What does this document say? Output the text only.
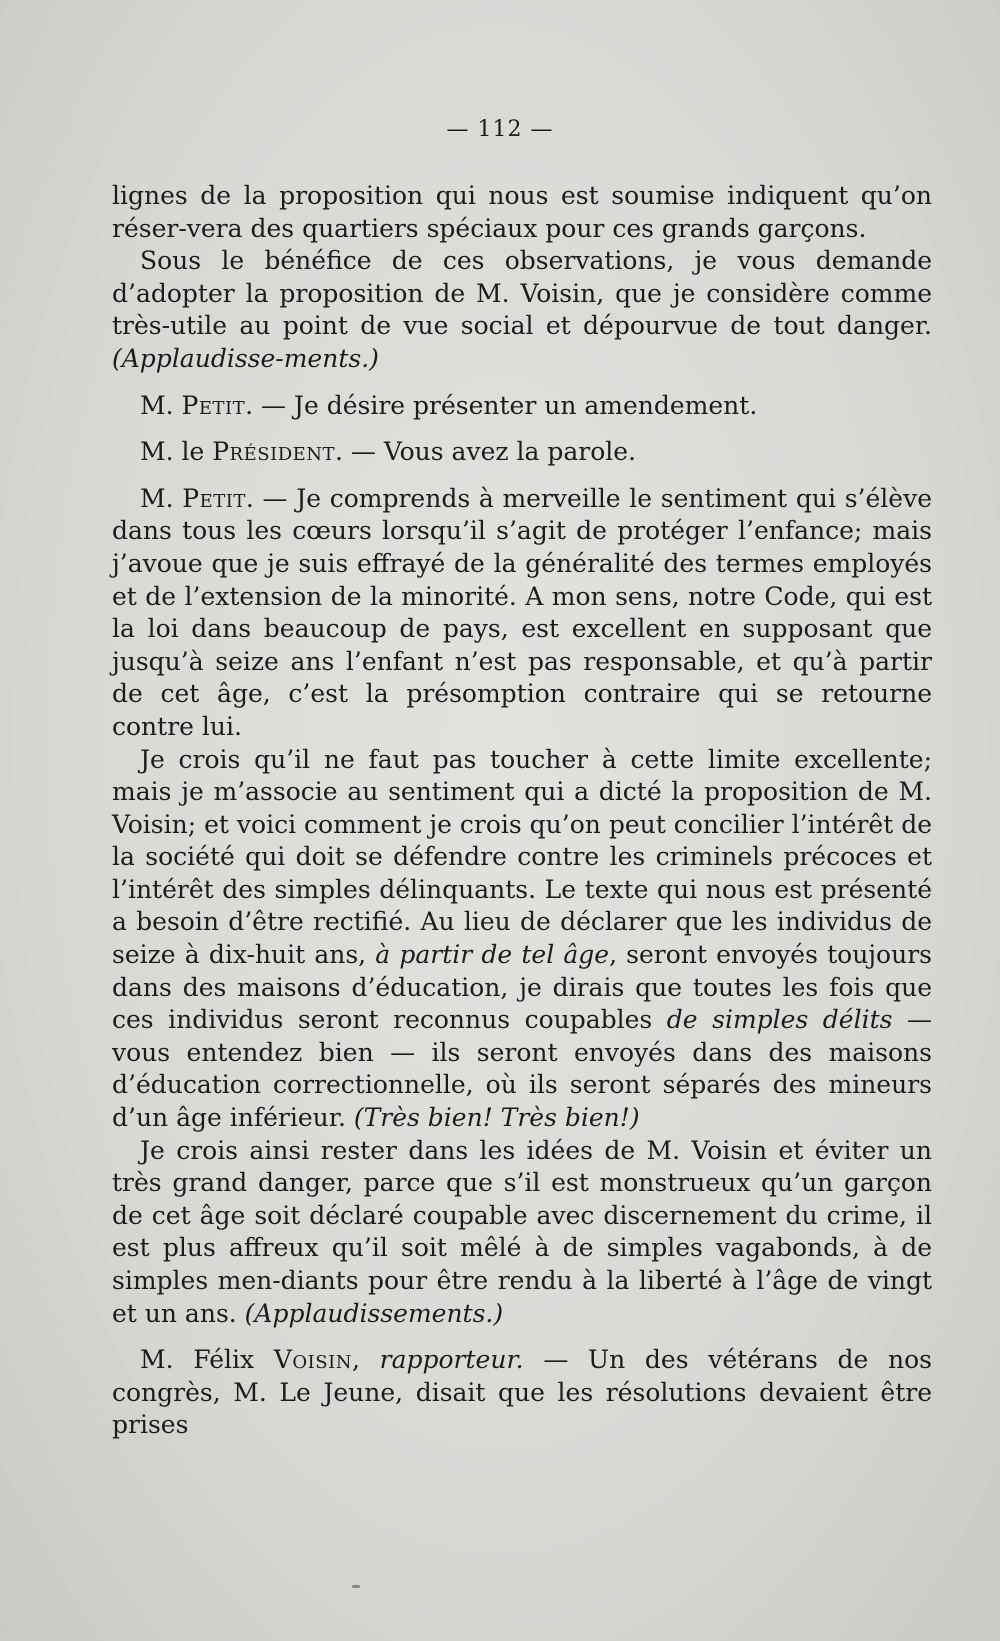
— 112 —

lignes de la proposition qui nous est soumise indiquent qu’on réser-vera des quartiers spéciaux pour ces grands garçons.

Sous le bénéfice de ces observations, je vous demande d’adopter la proposition de M. Voisin, que je considère comme très-utile au point de vue social et dépourvue de tout danger. (Applaudisse-ments.)

M. Petit. — Je désire présenter un amendement.

M. le Président. — Vous avez la parole.

M. Petit. — Je comprends à merveille le sentiment qui s’élève dans tous les cœurs lorsqu’il s’agit de protéger l’enfance; mais j’avoue que je suis effrayé de la généralité des termes employés et de l’extension de la minorité. A mon sens, notre Code, qui est la loi dans beaucoup de pays, est excellent en supposant que jusqu’à seize ans l’enfant n’est pas responsable, et qu’à partir de cet âge, c’est la présomption contraire qui se retourne contre lui.

Je crois qu’il ne faut pas toucher à cette limite excellente; mais je m’associe au sentiment qui a dicté la proposition de M. Voisin; et voici comment je crois qu’on peut concilier l’intérêt de la société qui doit se défendre contre les criminels précoces et l’intérêt des simples délinquants. Le texte qui nous est présenté a besoin d’être rectifié. Au lieu de déclarer que les individus de seize à dix-huit ans, à partir de tel âge, seront envoyés toujours dans des maisons d’éducation, je dirais que toutes les fois que ces individus seront reconnus coupables de simples délits — vous entendez bien — ils seront envoyés dans des maisons d’éducation correctionnelle, où ils seront séparés des mineurs d’un âge inférieur. (Très bien! Très bien!)

Je crois ainsi rester dans les idées de M. Voisin et éviter un très grand danger, parce que s’il est monstrueux qu’un garçon de cet âge soit déclaré coupable avec discernement du crime, il est plus affreux qu’il soit mêlé à de simples vagabonds, à de simples men-diants pour être rendu à la liberté à l’âge de vingt et un ans. (Applaudissements.)

M. Félix Voisin, rapporteur. — Un des vétérans de nos congrès, M. Le Jeune, disait que les résolutions devaient être prises
